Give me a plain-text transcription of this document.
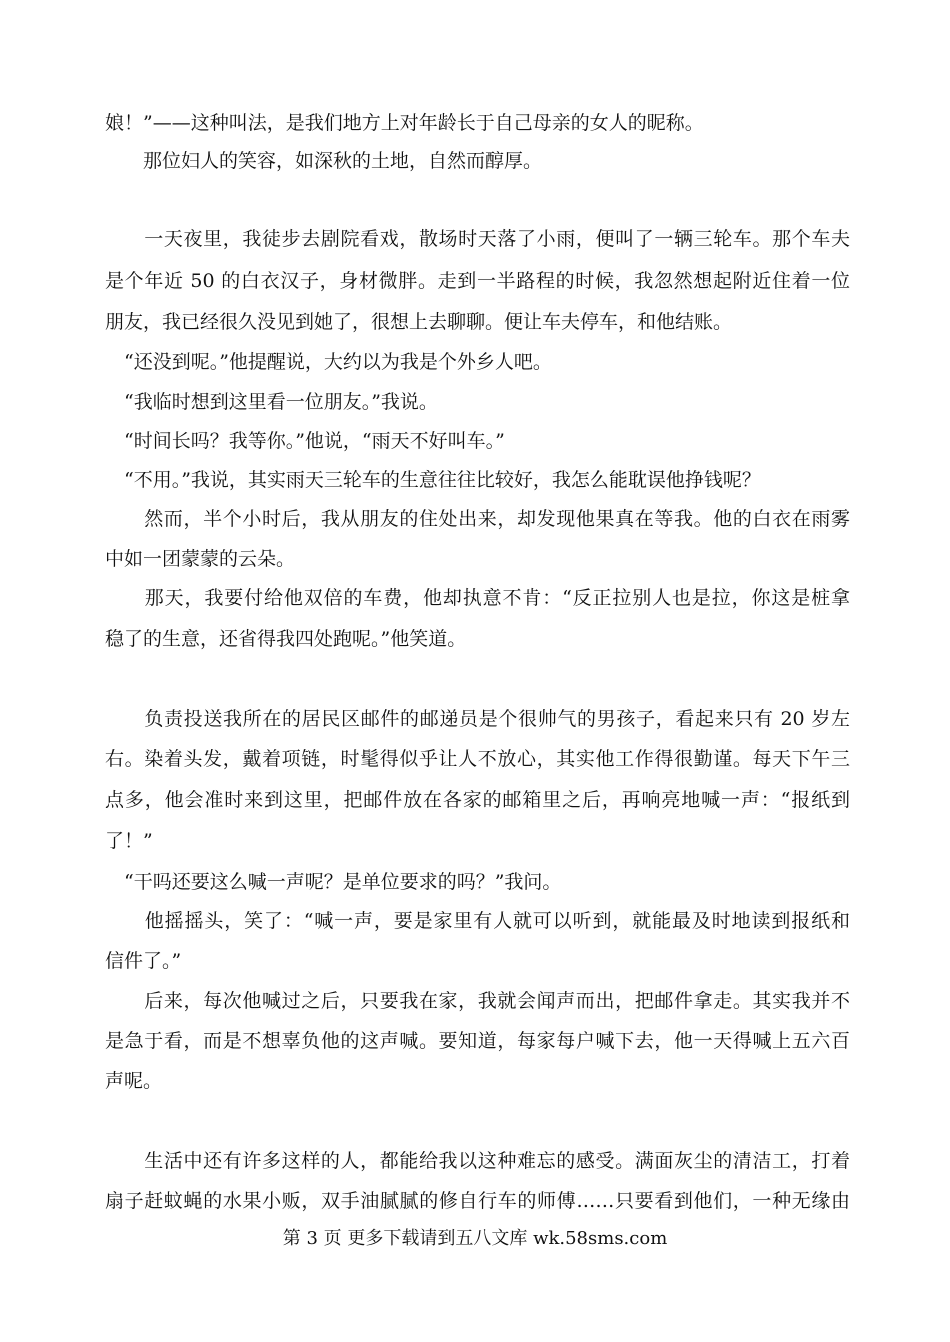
娘！”——这种叫法，是我们地方上对年龄长于自己母亲的女人的昵称。
　　那位妇人的笑容，如深秋的土地，自然而醇厚。
　　一天夜里，我徒步去剧院看戏，散场时天落了小雨，便叫了一辆三轮车。那个车夫
是个年近 50 的白衣汉子，身材微胖。走到一半路程的时候，我忽然想起附近住着一位
朋友，我已经很久没见到她了，很想上去聊聊。便让车夫停车，和他结账。
　“还没到呢。”他提醒说，大约以为我是个外乡人吧。
　“我临时想到这里看一位朋友。”我说。
　“时间长吗？我等你。”他说，“雨天不好叫车。”
　“不用。”我说，其实雨天三轮车的生意往往比较好，我怎么能耽误他挣钱呢？
　　然而，半个小时后，我从朋友的住处出来，却发现他果真在等我。他的白衣在雨雾
中如一团蒙蒙的云朵。
　　那天，我要付给他双倍的车费，他却执意不肯：“反正拉别人也是拉，你这是桩拿
稳了的生意，还省得我四处跑呢。”他笑道。
　　负责投送我所在的居民区邮件的邮递员是个很帅气的男孩子，看起来只有 20 岁左
右。染着头发，戴着项链，时髦得似乎让人不放心，其实他工作得很勤谨。每天下午三
点多，他会准时来到这里，把邮件放在各家的邮箱里之后，再响亮地喊一声：“报纸到
了！”
　“干吗还要这么喊一声呢？是单位要求的吗？”我问。
　　他摇摇头，笑了：“喊一声，要是家里有人就可以听到，就能最及时地读到报纸和
信件了。”
　　后来，每次他喊过之后，只要我在家，我就会闻声而出，把邮件拿走。其实我并不
是急于看，而是不想辜负他的这声喊。要知道，每家每户喊下去，他一天得喊上五六百
声呢。
　　生活中还有许多这样的人，都能给我以这种难忘的感受。满面灰尘的清洁工，打着
扇子赶蚊蝇的水果小贩，双手油腻腻的修自行车的师傅……只要看到他们，一种无缘由
第 3 页 更多下载请到五八文库 wk.58sms.com
